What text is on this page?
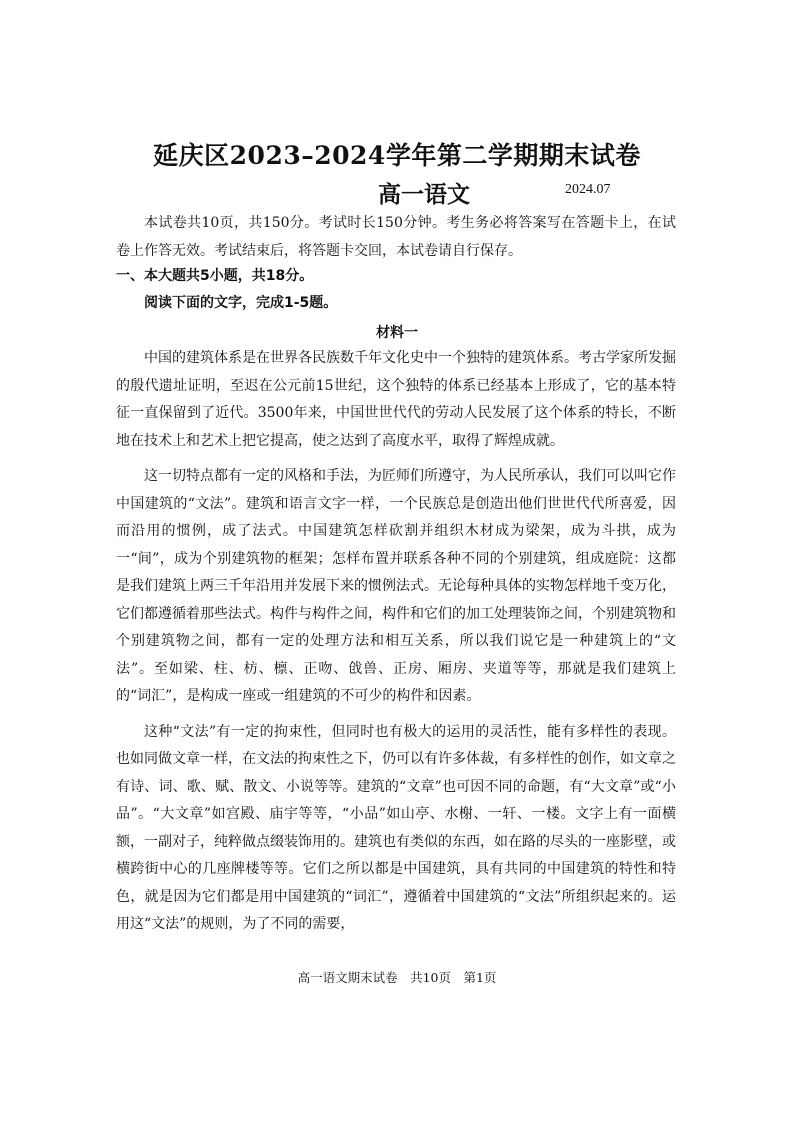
延庆区2023–2024学年第二学期期末试卷
高一语文	2024.07

本试卷共10页，共150分。考试时长150分钟。考生务必将答案写在答题卡上，在试卷上作答无效。考试结束后，将答题卡交回，本试卷请自行保存。

一、本大题共5小题，共18分。
阅读下面的文字，完成1-5题。
材料一

中国的建筑体系是在世界各民族数千年文化史中一个独特的建筑体系。考古学家所发掘的殷代遗址证明，至迟在公元前15世纪，这个独特的体系已经基本上形成了，它的基本特征一直保留到了近代。3500年来，中国世世代代的劳动人民发展了这个体系的特长，不断地在技术上和艺术上把它提高，使之达到了高度水平，取得了辉煌成就。

这一切特点都有一定的风格和手法，为匠师们所遵守，为人民所承认，我们可以叫它作中国建筑的“文法”。建筑和语言文字一样，一个民族总是创造出他们世世代代所喜爱，因而沿用的惯例，成了法式。中国建筑怎样砍割并组织木材成为梁架，成为斗拱，成为一“间”，成为个别建筑物的框架；怎样布置并联系各种不同的个别建筑，组成庭院：这都是我们建筑上两三千年沿用并发展下来的惯例法式。无论每种具体的实物怎样地千变万化，它们都遵循着那些法式。构件与构件之间，构件和它们的加工处理装饰之间，个别建筑物和个别建筑物之间，都有一定的处理方法和相互关系，所以我们说它是一种建筑上的“文法”。至如梁、柱、枋、檩、正吻、戗兽、正房、厢房、夹道等等，那就是我们建筑上的“词汇”，是构成一座或一组建筑的不可少的构件和因素。

这种“文法”有一定的拘束性，但同时也有极大的运用的灵活性，能有多样性的表现。也如同做文章一样，在文法的拘束性之下，仍可以有许多体裁，有多样性的创作，如文章之有诗、词、歌、赋、散文、小说等等。建筑的“文章”也可因不同的命题，有“大文章”或“小品”。“大文章”如宫殿、庙宇等等，“小品”如山亭、水榭、一轩、一楼。文字上有一面横额，一副对子，纯粹做点缀装饰用的。建筑也有类似的东西，如在路的尽头的一座影壁，或横跨街中心的几座牌楼等等。它们之所以都是中国建筑，具有共同的中国建筑的特性和特色，就是因为它们都是用中国建筑的“词汇”，遵循着中国建筑的“文法”所组织起来的。运用这“文法”的规则，为了不同的需要，

高一语文期末试卷　共10页　第1页
